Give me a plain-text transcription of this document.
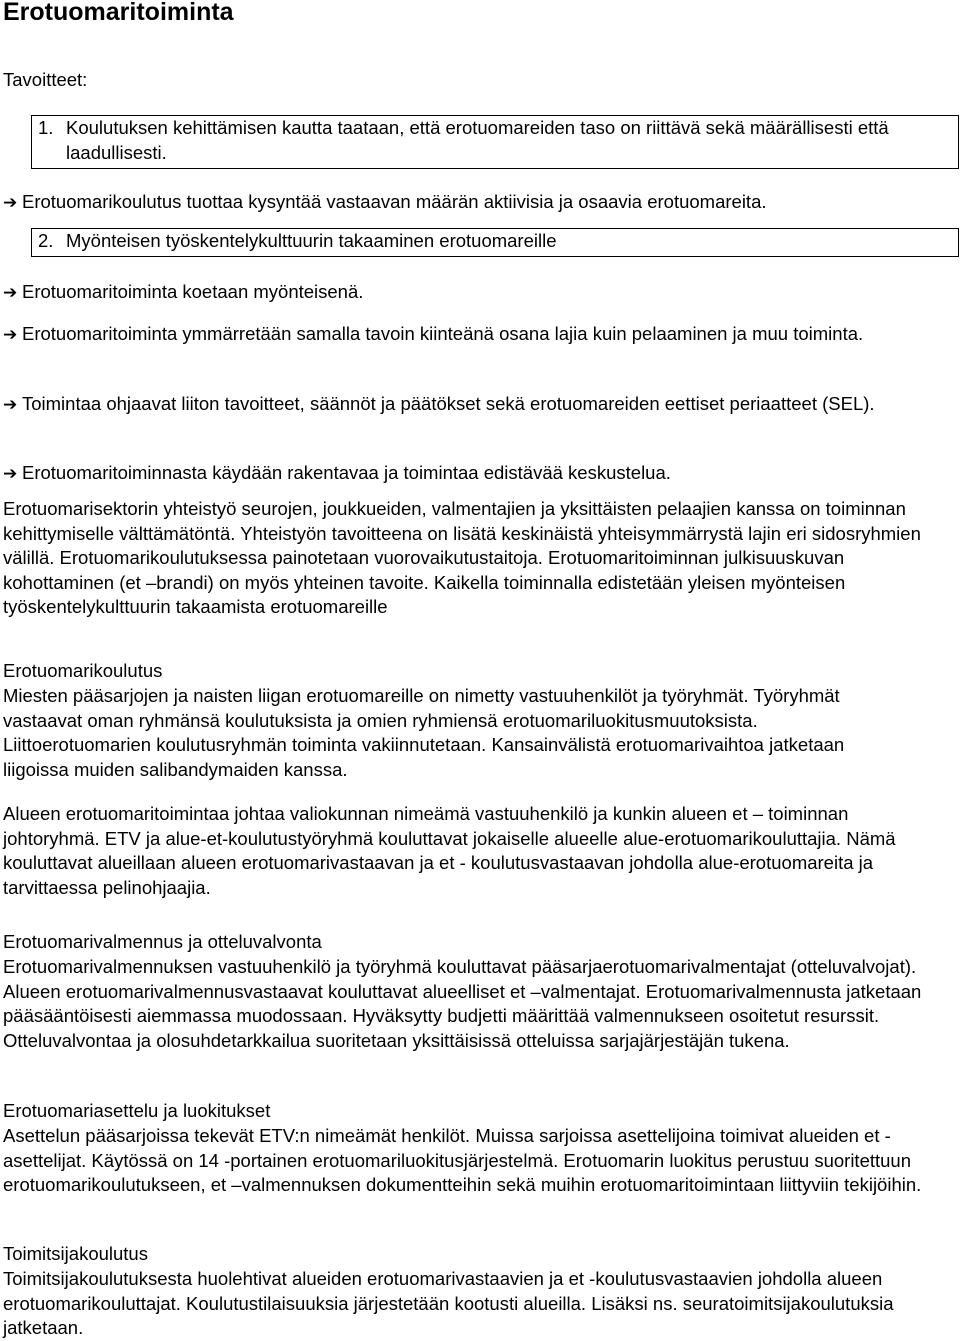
Erotuomaritoiminta
Tavoitteet:
1. Koulutuksen kehittämisen kautta taataan, että erotuomareiden taso on riittävä sekä määrällisesti että laadullisesti.
➔ Erotuomarikoulutus tuottaa kysyntää vastaavan määrän aktiivisia ja osaavia erotuomareita.
2. Myönteisen työskentelykulttuurin takaaminen erotuomareille
➔ Erotuomaritoiminta koetaan myönteisenä.

➔ Erotuomaritoiminta ymmärretään samalla tavoin kiinteänä osana lajia kuin pelaaminen ja muu toiminta.

➔ Toimintaa ohjaavat liiton tavoitteet, säännöt ja päätökset sekä erotuomareiden eettiset periaatteet (SEL).

➔ Erotuomaritoiminnasta käydään rakentavaa ja toimintaa edistävää keskustelua.

Erotuomarisektorin yhteistyö seurojen, joukkueiden, valmentajien ja yksittäisten pelaajien kanssa on toiminnan kehittymiselle välttämätöntä. Yhteistyön tavoitteena on lisätä keskinäistä yhteisymmärrystä lajin eri sidosryhmien välillä. Erotuomarikoulutuksessa painotetaan vuorovaikutustaitoja. Erotuomaritoiminnan julkisuuskuvan kohottaminen (et –brandi) on myös yhteinen tavoite. Kaikella toiminnalla edistetään yleisen myönteisen työskentelykulttuurin takaamista erotuomareille

Erotuomarikoulutus

Miesten pääsarjojen ja naisten liigan erotuomareille on nimetty vastuuhenkilöt ja työryhmät. Työryhmät vastaavat oman ryhmänsä koulutuksista ja omien ryhmiensä erotuomariluokitusmuutoksista. Liittoerotuomarien koulutusryhmän toiminta vakiinnutetaan. Kansainvälistä erotuomarivaihtoa jatketaan liigoissa muiden salibandymaiden kanssa.

Alueen erotuomaritoimintaa johtaa valiokunnan nimeämä vastuuhenkilö ja kunkin alueen et – toiminnan johtoryhmä. ETV ja alue-et-koulutustyöryhmä kouluttavat jokaiselle alueelle alue-erotuomarikouluttajia. Nämä kouluttavat alueillaan alueen erotuomarivastaavan ja et - koulutusvastaavan johdolla alue-erotuomareita ja tarvittaessa pelinohjaajia.

Erotuomarivalmennus ja otteluvalvonta

Erotuomarivalmennuksen vastuuhenkilö ja työryhmä kouluttavat pääsarjaerotuomarivalmentajat (otteluvalvojat). Alueen erotuomarivalmennusvastaavat kouluttavat alueelliset et –valmentajat. Erotuomarivalmennusta jatketaan pääsääntöisesti aiemmassa muodossaan. Hyväksytty budjetti määrittää valmennukseen osoitetut resurssit. Otteluvalvontaa ja olosuhdetarkkailua suoritetaan yksittäisissä otteluissa sarjajärjestäjän tukena.

Erotuomariasettelu ja luokitukset

Asettelun pääsarjoissa tekevät ETV:n nimeämät henkilöt. Muissa sarjoissa asettelijoina toimivat alueiden et -asettelijat. Käytössä on 14 -portainen erotuomariluokitusjärjestelmä. Erotuomarin luokitus perustuu suoritettuun erotuomarikoulutukseen, et –valmennuksen dokumentteihin sekä muihin erotuomaritoimintaan liittyviin tekijöihin.

Toimitsijakoulutus

Toimitsijakoulutuksesta huolehtivat alueiden erotuomarivastaavien ja et -koulutusvastaavien johdolla alueen erotuomarikouluttajat. Koulutustilaisuuksia järjestetään kootusti alueilla. Lisäksi ns. seuratoimitsijakoulutuksia jatketaan.
